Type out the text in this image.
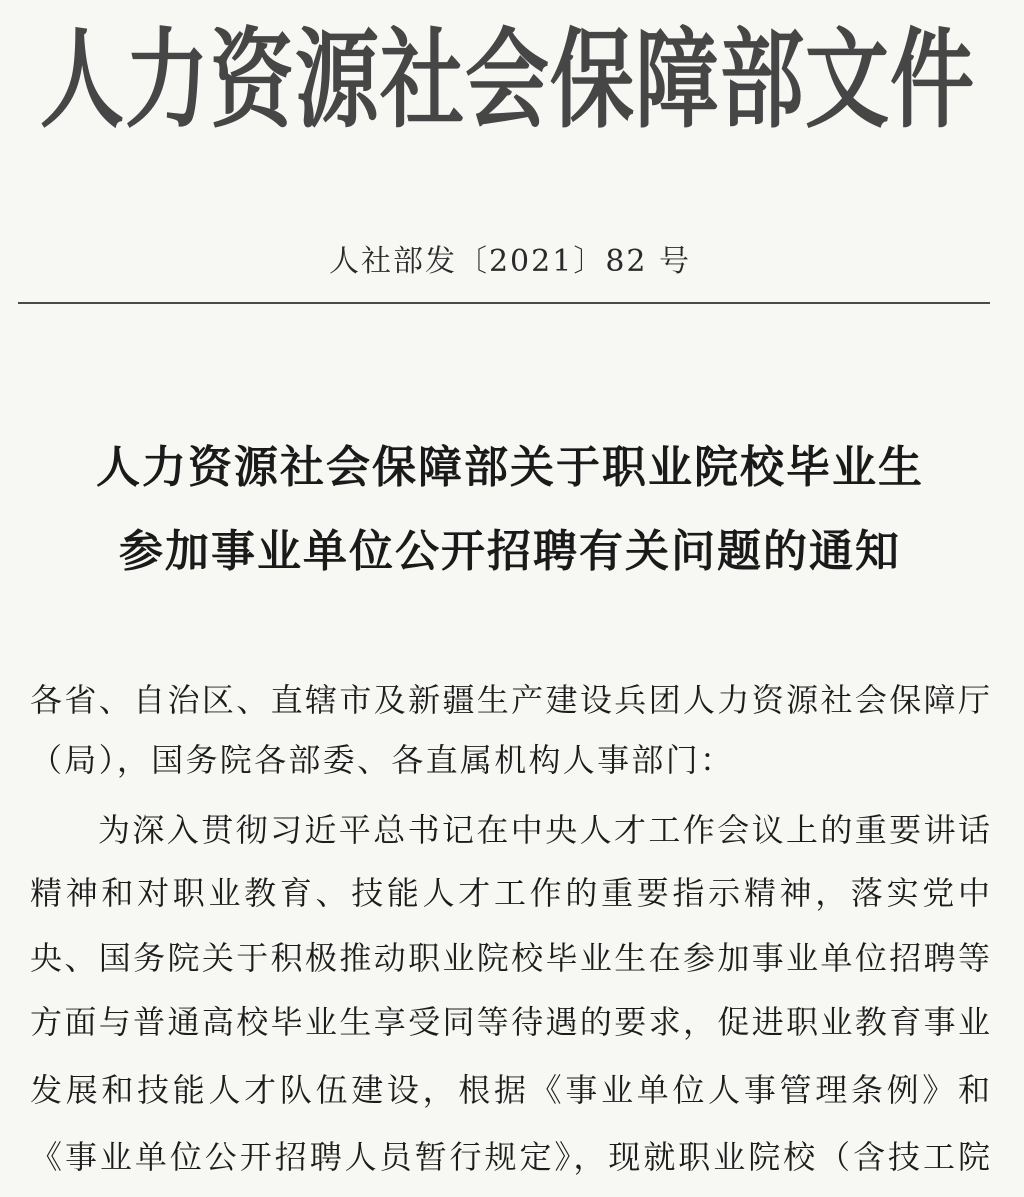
人力资源社会保障部文件
人社部发〔2021〕82 号
人力资源社会保障部关于职业院校毕业生
参加事业单位公开招聘有关问题的通知
各省、自治区、直辖市及新疆生产建设兵团人力资源社会保障厅
（局），国务院各部委、各直属机构人事部门：
为深入贯彻习近平总书记在中央人才工作会议上的重要讲话
精神和对职业教育、技能人才工作的重要指示精神，落实党中
央、国务院关于积极推动职业院校毕业生在参加事业单位招聘等
方面与普通高校毕业生享受同等待遇的要求，促进职业教育事业
发展和技能人才队伍建设，根据《事业单位人事管理条例》和
《事业单位公开招聘人员暂行规定》，现就职业院校（含技工院
